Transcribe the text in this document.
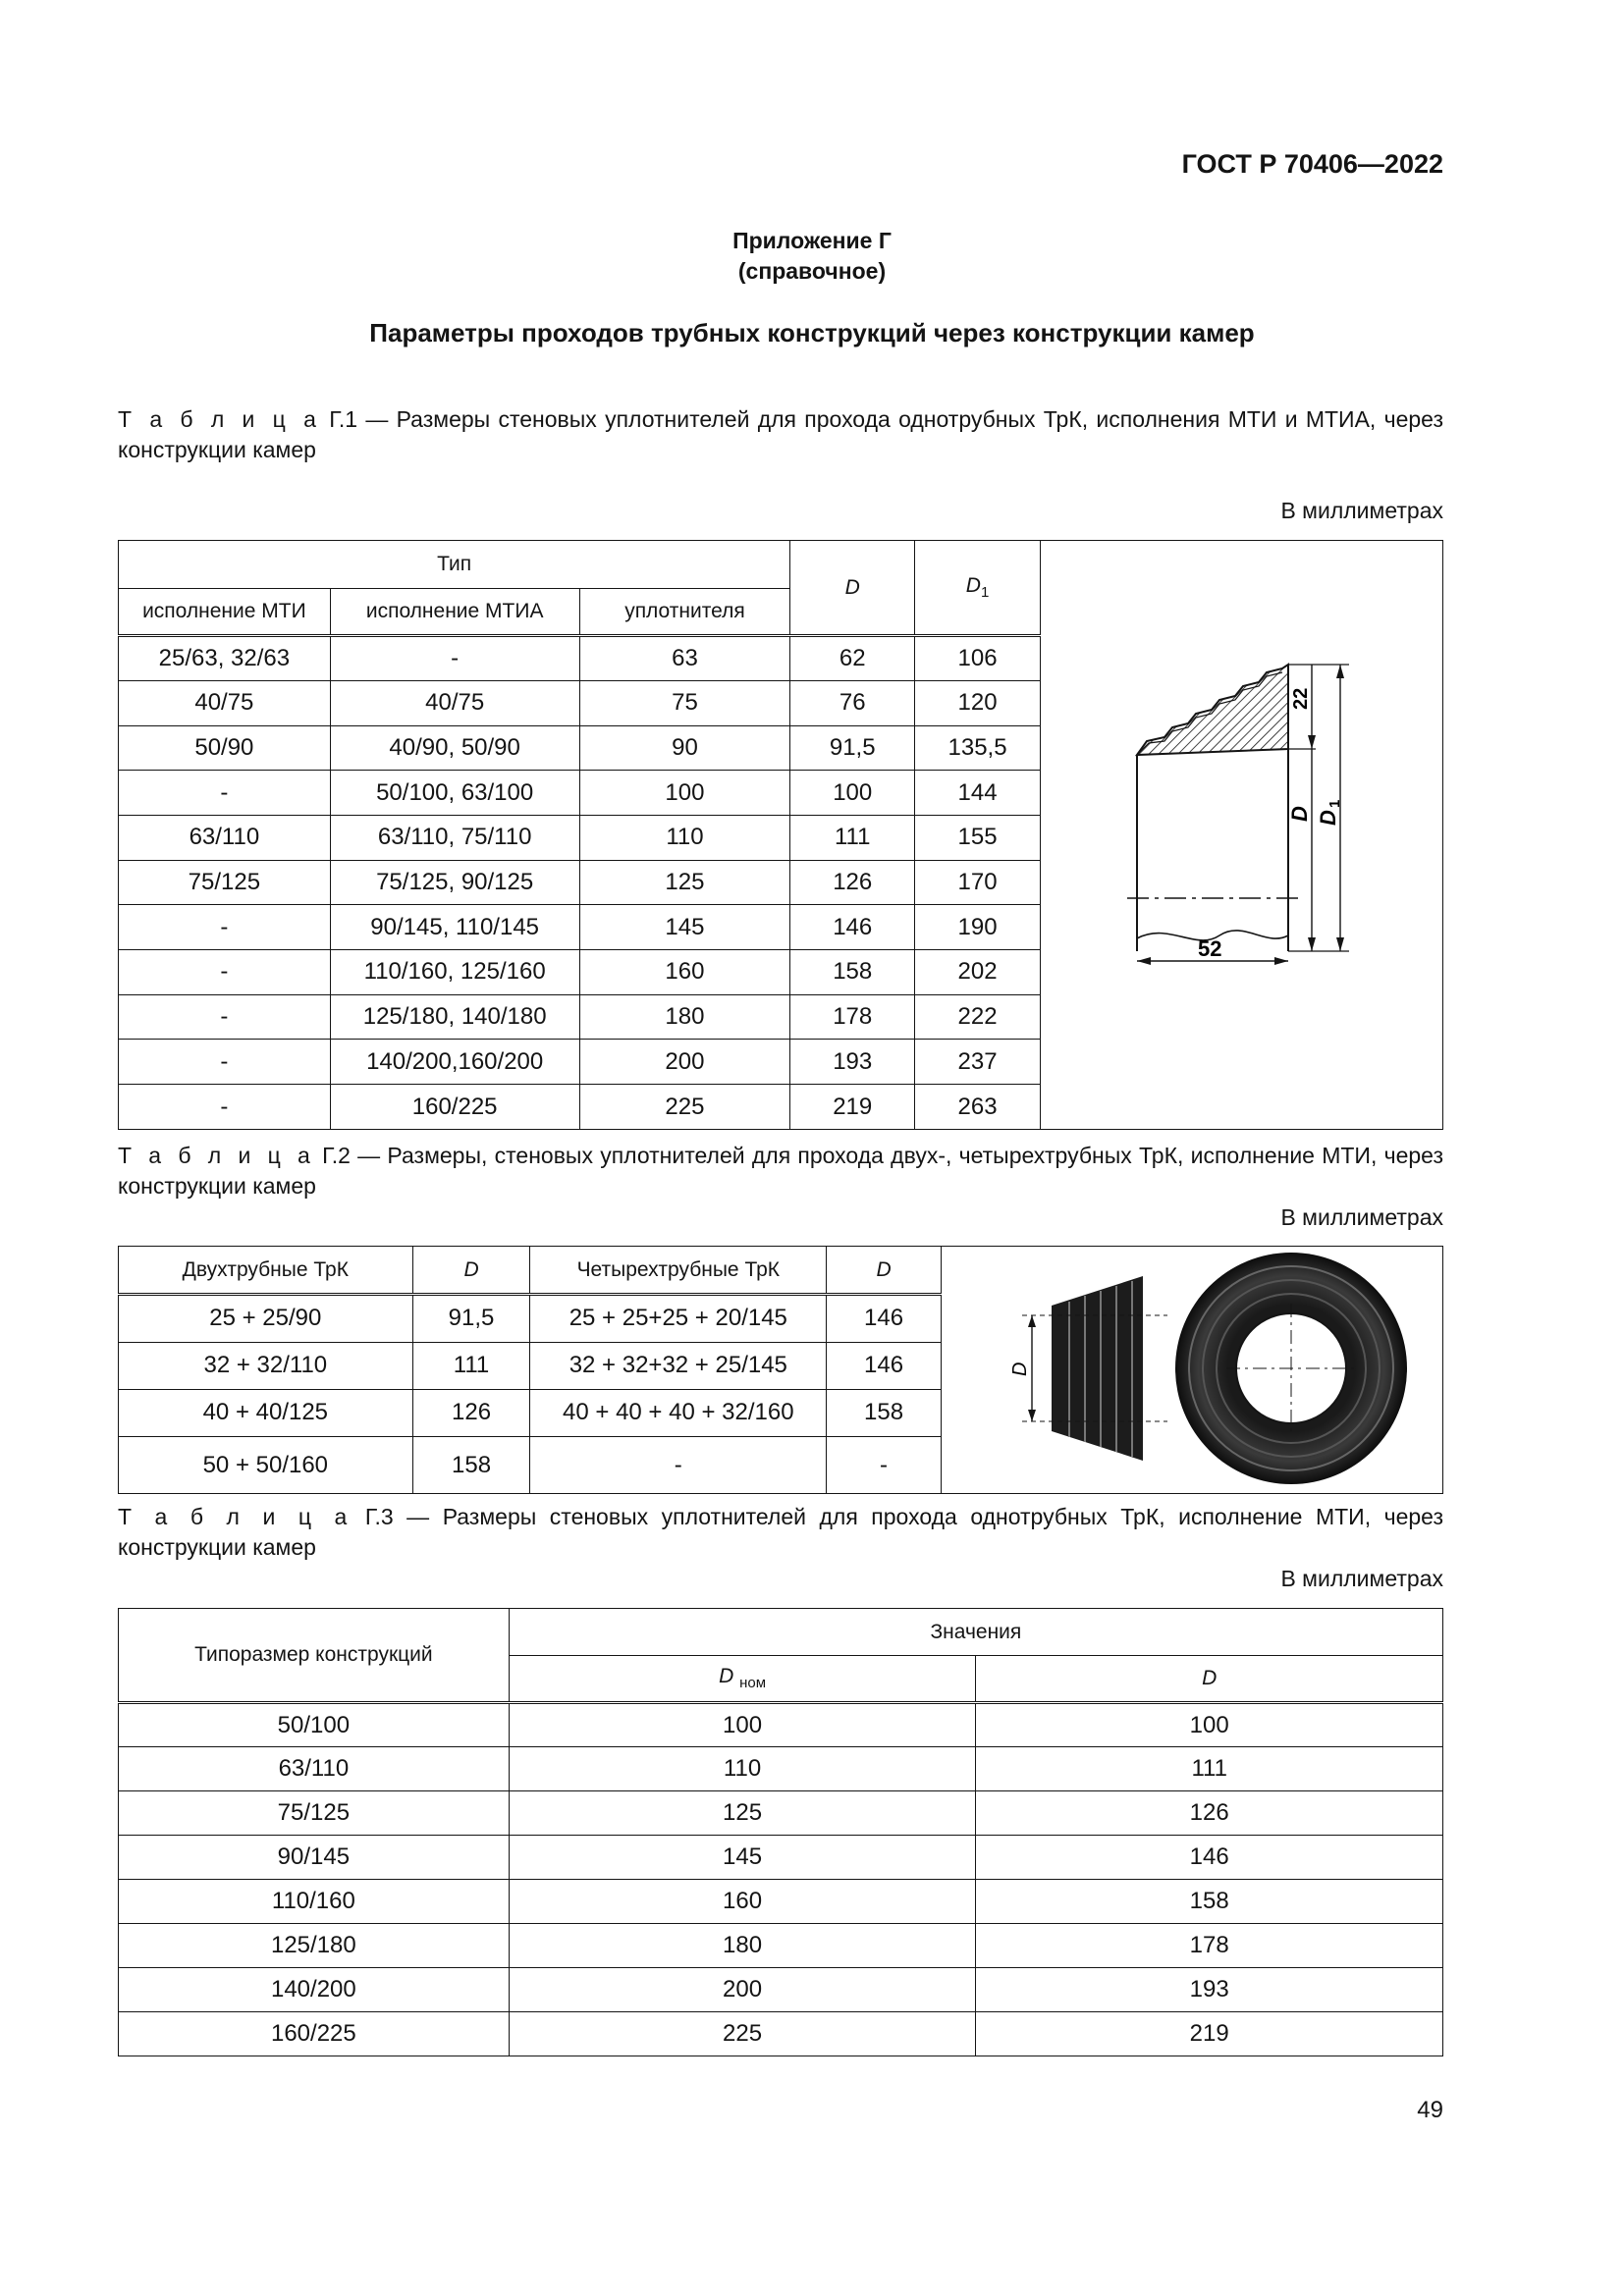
ГОСТ Р 70406—2022
Приложение Г
(справочное)
Параметры проходов трубных конструкций через конструкции камер
Т а б л и ц а Г.1 — Размеры стеновых уплотнителей для прохода однотрубных ТрК, исполнения МТИ и МТИА, через конструкции камер
В миллиметрах
Тип			D	$D_1$	52
22
D D
1

исполнение МТИ	исполнение МТИА	уплотнителя			
25/63, 32/63	-	63	62	106	
40/75	40/75	75	76	120	
50/90	40/90, 50/90	90	91,5	135,5	
-	50/100, 63/100	100	100	144	
63/110	63/110, 75/110	110	111	155	
75/125	75/125, 90/125	125	126	170	
-	90/145, 110/145	145	146	190	
-	110/160, 125/160	160	158	202	
-	125/180, 140/180	180	178	222	
-	140/200,160/200	200	193	237	
-	160/225	225	219	263	
Т а б л и ц а Г.2 — Размеры, стеновых уплотнителей для прохода двух-, четырехтрубных ТрК, исполнение МТИ, через конструкции камер
В миллиметрах
Двухтрубные ТрК	D	Четырехтрубные ТрК	D	D

25 + 25/90	91,5	25 + 25+25 + 20/145	146	
32 + 32/110	111	32 + 32+32 + 25/145	146	
40 + 40/125	126	40 + 40 + 40 + 32/160	158	
50 + 50/160	158	-	-	
Т а б л и ц а Г.3 — Размеры стеновых уплотнителей для прохода однотрубных ТрК, исполнение МТИ, через конструкции камер
В миллиметрах
Типоразмер конструкций	Значения	
	D $_{ном}$	D
50/100	100	100
63/110	110	111
75/125	125	126
90/145	145	146
110/160	160	158
125/180	180	178
140/200	200	193
160/225	225	219
49
